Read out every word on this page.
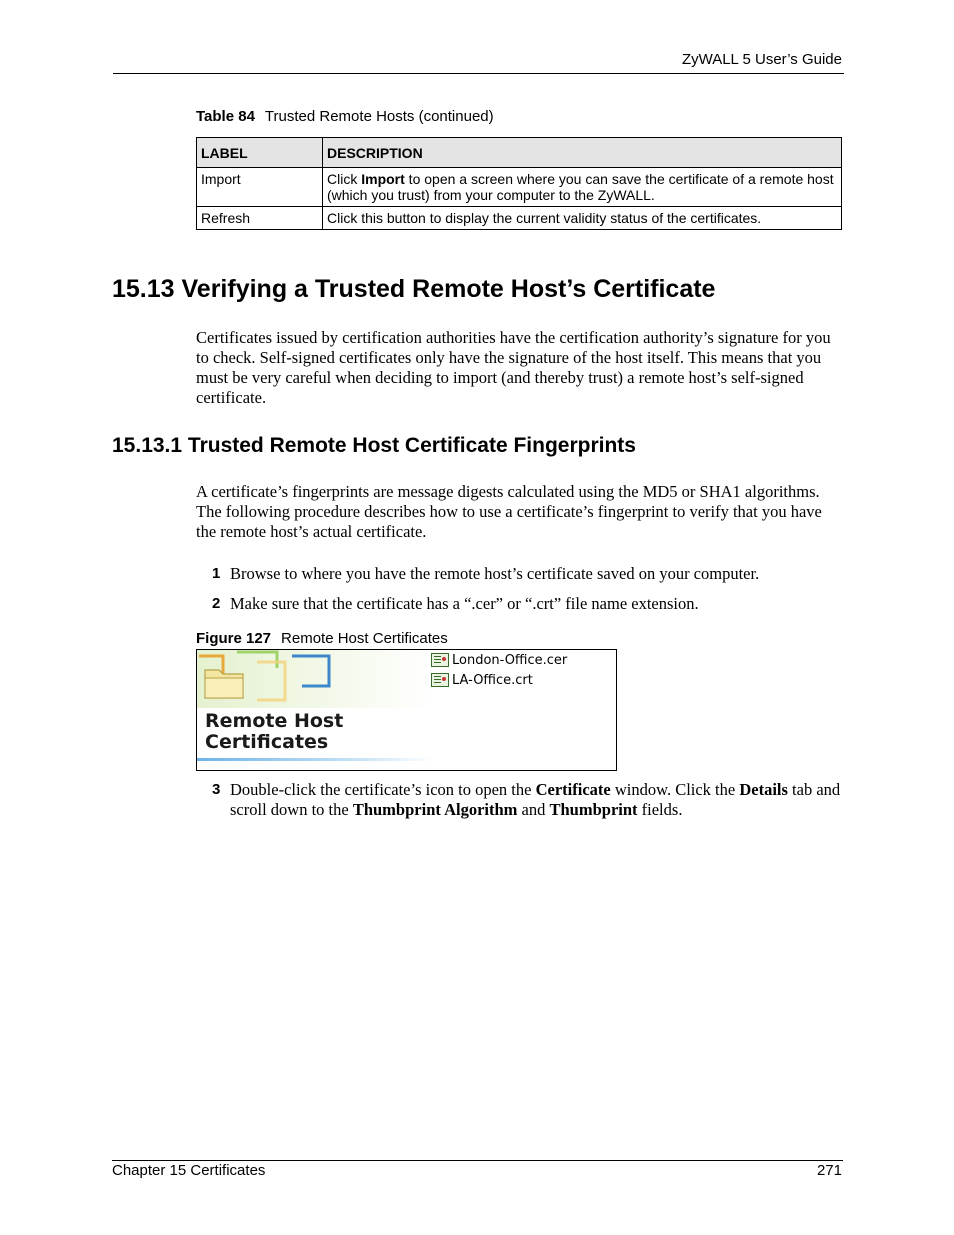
ZyWALL 5 User’s Guide
Table 84 Trusted Remote Hosts (continued)
LABEL	DESCRIPTION
Import	Click Import to open a screen where you can save the certificate of a remote host (which you trust) from your computer to the ZyWALL.
Refresh	Click this button to display the current validity status of the certificates.
15.13 Verifying a Trusted Remote Host’s Certificate

Certificates issued by certification authorities have the certification authority’s signature for you to check. Self-signed certificates only have the signature of the host itself. This means that you must be very careful when deciding to import (and thereby trust) a remote host’s self-signed certificate.

15.13.1 Trusted Remote Host Certificate Fingerprints

A certificate’s fingerprints are message digests calculated using the MD5 or SHA1 algorithms. The following procedure describes how to use a certificate’s fingerprint to verify that you have the remote host’s actual certificate.

1 Browse to where you have the remote host’s certificate saved on your computer.
2 Make sure that the certificate has a “.cer” or “.crt” file name extension.
Figure 127 Remote Host Certificates
Remote Host
Certificates
London-Office.cer
LA-Office.crt
3 Double-click the certificate’s icon to open the Certificate window. Click the Details tab and scroll down to the Thumbprint Algorithm and Thumbprint fields.
Chapter 15 Certificates	271
